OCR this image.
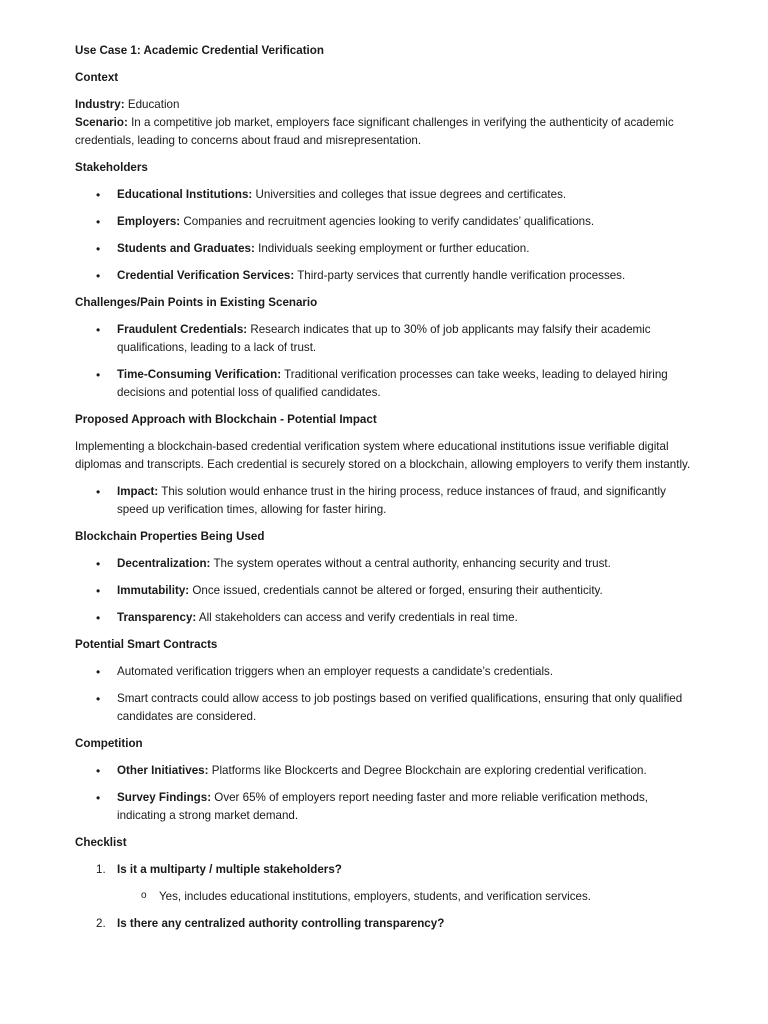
Use Case 1: Academic Credential Verification

Context

Industry: Education

Scenario: In a competitive job market, employers face significant challenges in verifying the authenticity of academic credentials, leading to concerns about fraud and misrepresentation.

Stakeholders

• Educational Institutions: Universities and colleges that issue degrees and certificates.
• Employers: Companies and recruitment agencies looking to verify candidates’ qualifications.
• Students and Graduates: Individuals seeking employment or further education.
• Credential Verification Services: Third-party services that currently handle verification processes.

Challenges/Pain Points in Existing Scenario

• Fraudulent Credentials: Research indicates that up to 30% of job applicants may falsify their academic qualifications, leading to a lack of trust.
• Time-Consuming Verification: Traditional verification processes can take weeks, leading to delayed hiring decisions and potential loss of qualified candidates.

Proposed Approach with Blockchain - Potential Impact

Implementing a blockchain-based credential verification system where educational institutions issue verifiable digital diplomas and transcripts. Each credential is securely stored on a blockchain, allowing employers to verify them instantly.

• Impact: This solution would enhance trust in the hiring process, reduce instances of fraud, and significantly speed up verification times, allowing for faster hiring.

Blockchain Properties Being Used

• Decentralization: The system operates without a central authority, enhancing security and trust.
• Immutability: Once issued, credentials cannot be altered or forged, ensuring their authenticity.
• Transparency: All stakeholders can access and verify credentials in real time.

Potential Smart Contracts

• Automated verification triggers when an employer requests a candidate’s credentials.
• Smart contracts could allow access to job postings based on verified qualifications, ensuring that only qualified candidates are considered.

Competition

• Other Initiatives: Platforms like Blockcerts and Degree Blockchain are exploring credential verification.
• Survey Findings: Over 65% of employers report needing faster and more reliable verification methods, indicating a strong market demand.

Checklist

1. Is it a multiparty / multiple stakeholders?
o Yes, includes educational institutions, employers, students, and verification services.
2. Is there any centralized authority controlling transparency?
